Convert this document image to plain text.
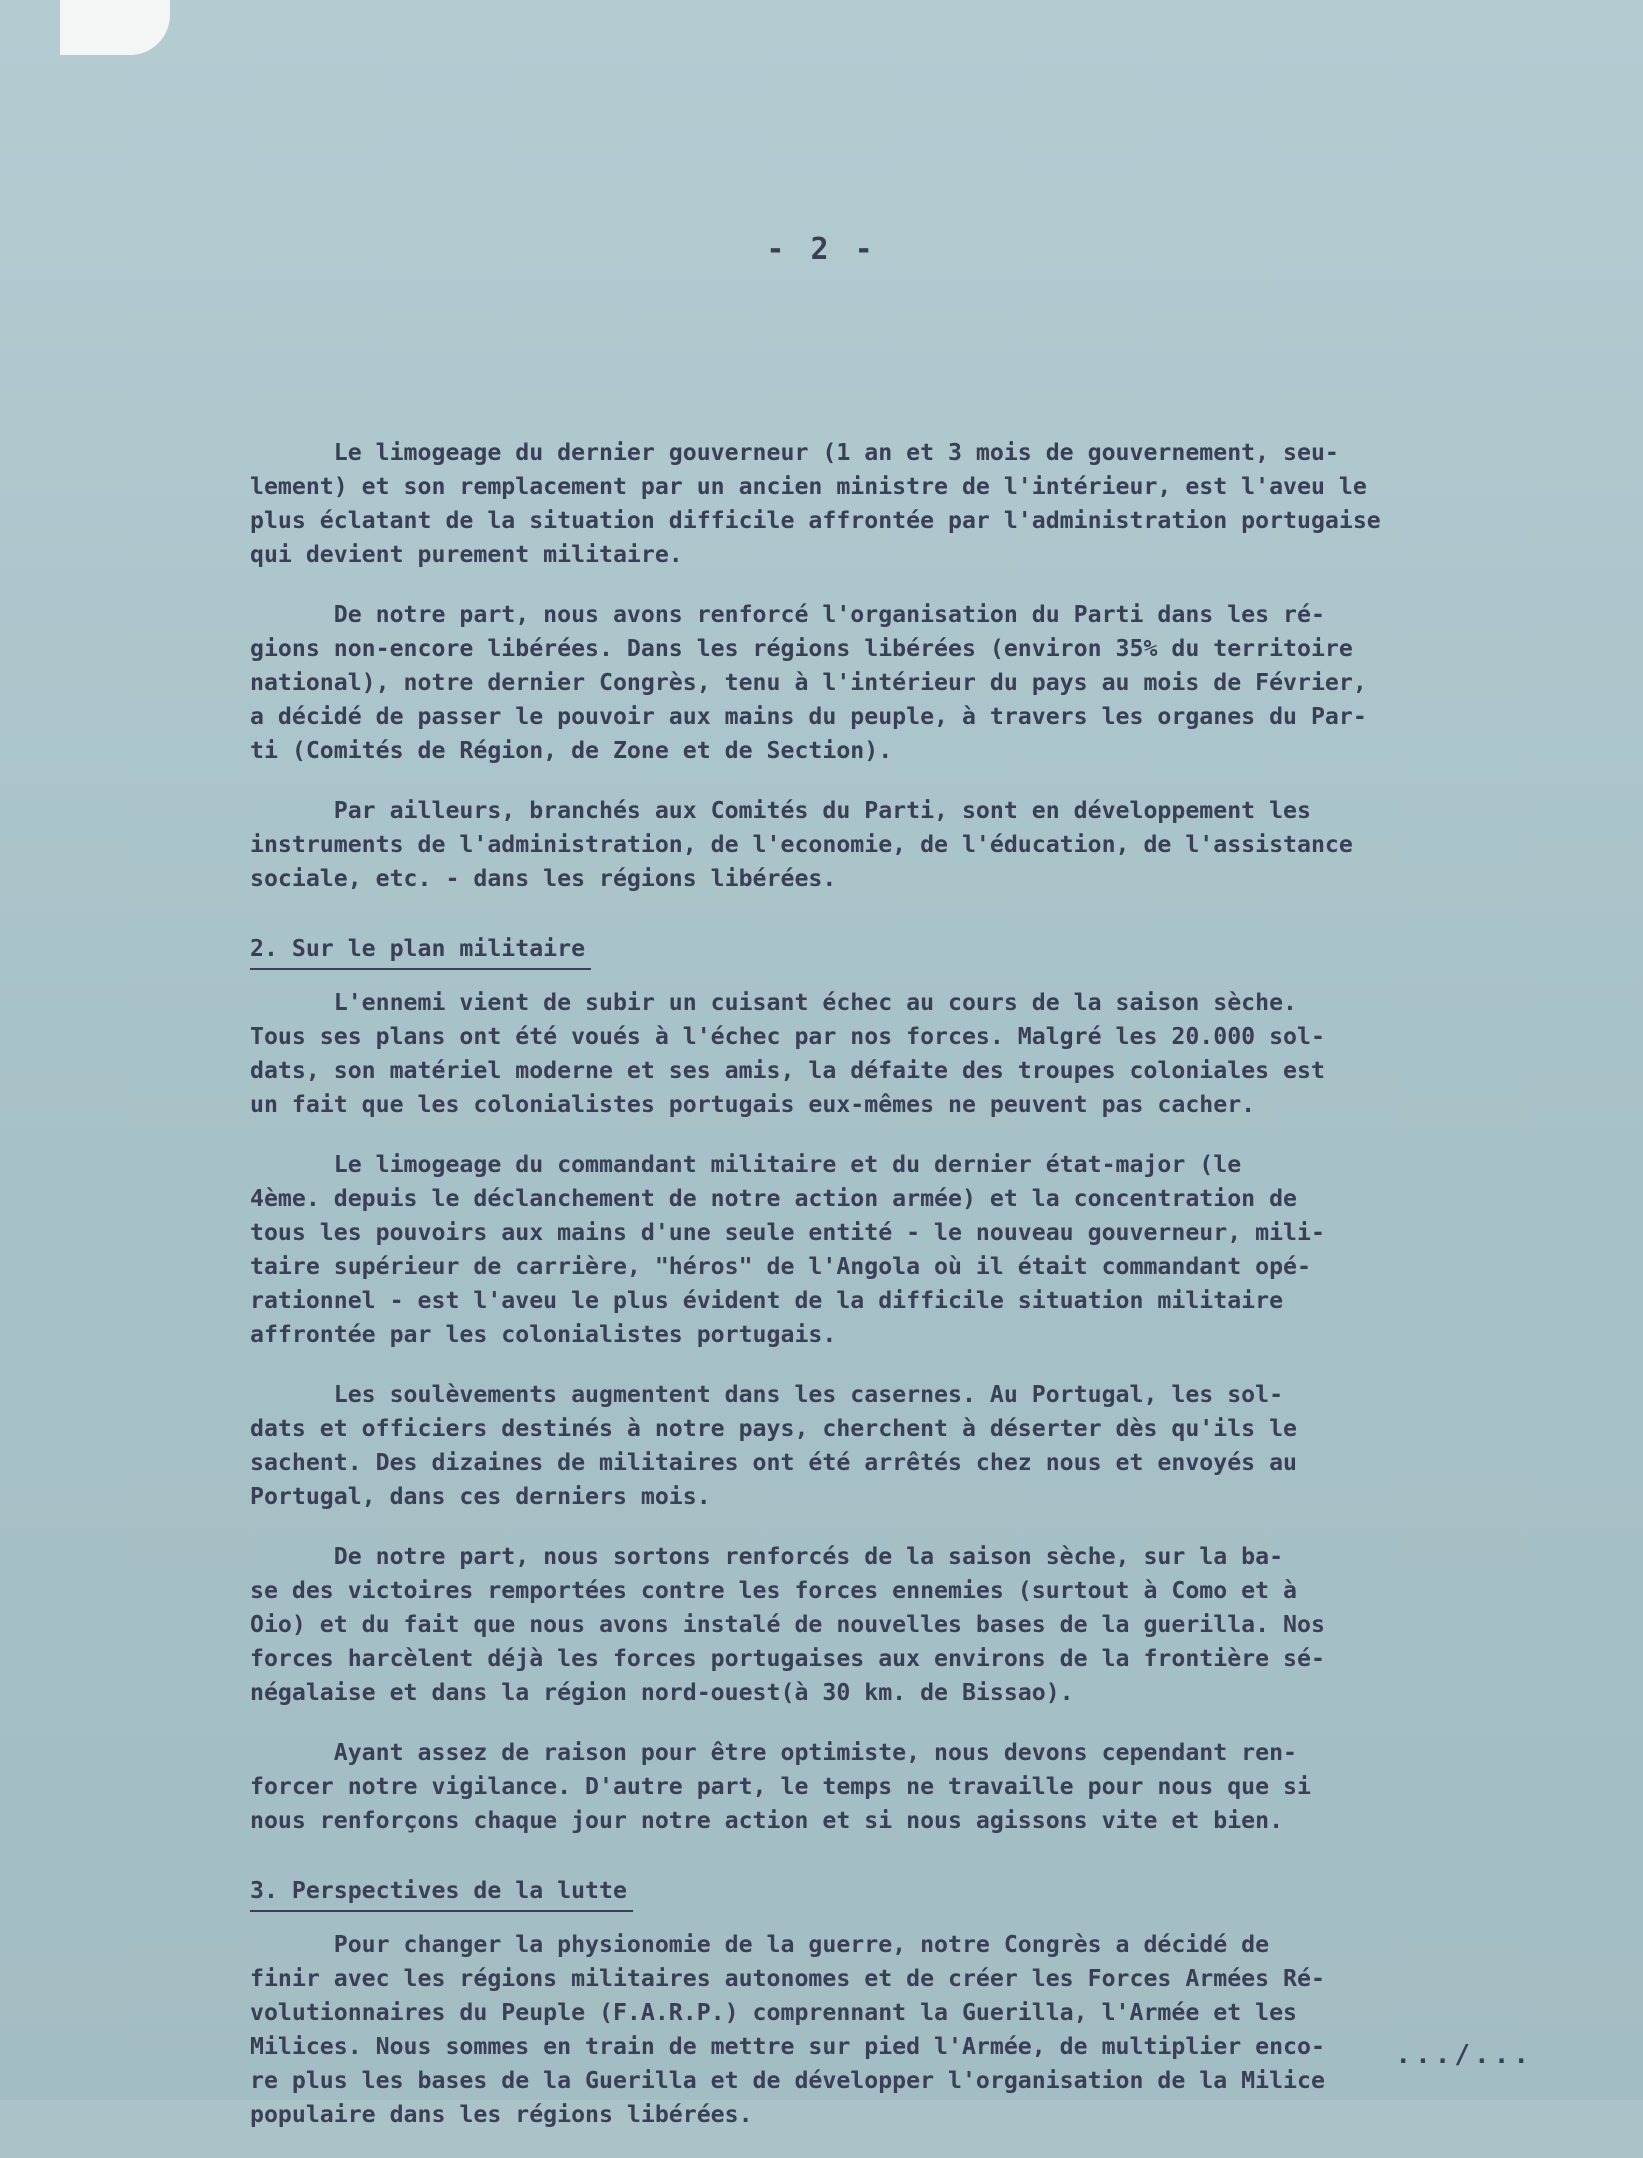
- 2 -

Le limogeage du dernier gouverneur (1 an et 3 mois de gouvernement, seu-
lement) et son remplacement par un ancien ministre de l'intérieur, est l'aveu le
plus éclatant de la situation difficile affrontée par l'administration portugaise
qui devient purement militaire.

De notre part, nous avons renforcé l'organisation du Parti dans les ré-
gions non-encore libérées. Dans les régions libérées (environ 35% du territoire
national), notre dernier Congrès, tenu à l'intérieur du pays au mois de Février,
a décidé de passer le pouvoir aux mains du peuple, à travers les organes du Par-
ti (Comités de Région, de Zone et de Section).

Par ailleurs, branchés aux Comités du Parti, sont en développement les
instruments de l'administration, de l'economie, de l'éducation, de l'assistance
sociale, etc. - dans les régions libérées.

2. Sur le plan militaire

L'ennemi vient de subir un cuisant échec au cours de la saison sèche.
Tous ses plans ont été voués à l'échec par nos forces. Malgré les 20.000 sol-
dats, son matériel moderne et ses amis, la défaite des troupes coloniales est
un fait que les colonialistes portugais eux-mêmes ne peuvent pas cacher.

Le limogeage du commandant militaire et du dernier état-major (le
4ème. depuis le déclanchement de notre action armée) et la concentration de
tous les pouvoirs aux mains d'une seule entité - le nouveau gouverneur, mili-
taire supérieur de carrière, "héros" de l'Angola où il était commandant opé-
rationnel - est l'aveu le plus évident de la difficile situation militaire
affrontée par les colonialistes portugais.

Les soulèvements augmentent dans les casernes. Au Portugal, les sol-
dats et officiers destinés à notre pays, cherchent à déserter dès qu'ils le
sachent. Des dizaines de militaires ont été arrêtés chez nous et envoyés au
Portugal, dans ces derniers mois.

De notre part, nous sortons renforcés de la saison sèche, sur la ba-
se des victoires remportées contre les forces ennemies (surtout à Como et à
Oio) et du fait que nous avons instalé de nouvelles bases de la guerilla. Nos
forces harcèlent déjà les forces portugaises aux environs de la frontière sé-
négalaise et dans la région nord-ouest(à 30 km. de Bissao).

Ayant assez de raison pour être optimiste, nous devons cependant ren-
forcer notre vigilance. D'autre part, le temps ne travaille pour nous que si
nous renforçons chaque jour notre action et si nous agissons vite et bien.

3. Perspectives de la lutte

Pour changer la physionomie de la guerre, notre Congrès a décidé de
finir avec les régions militaires autonomes et de créer les Forces Armées Ré-
volutionnaires du Peuple (F.A.R.P.) comprennant la Guerilla, l'Armée et les
Milices. Nous sommes en train de mettre sur pied l'Armée, de multiplier enco-
re plus les bases de la Guerilla et de développer l'organisation de la Milice
populaire dans les régions libérées.

.../...
